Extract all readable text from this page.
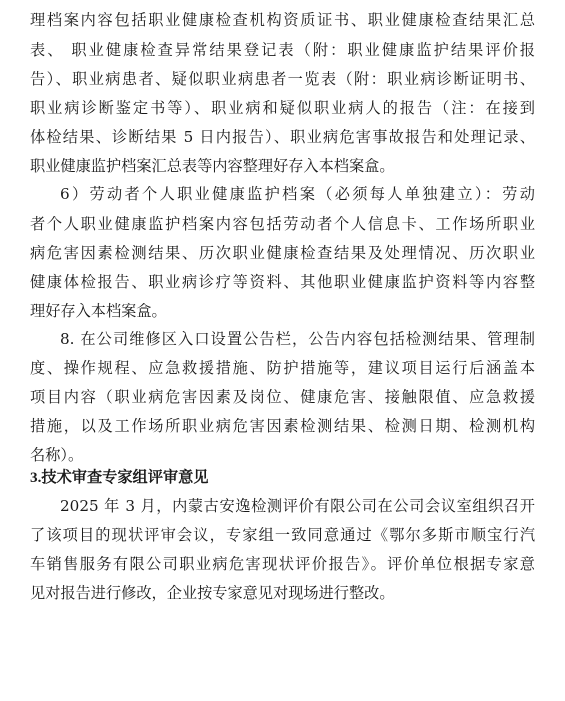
理档案内容包括职业健康检查机构资质证书、职业健康检查结果汇总
表、 职业健康检查异常结果登记表（附：职业健康监护结果评价报
告）、职业病患者、疑似职业病患者一览表（附：职业病诊断证明书、
职业病诊断鉴定书等）、职业病和疑似职业病人的报告（注：在接到
体检结果、诊断结果 5 日内报告）、职业病危害事故报告和处理记录、
职业健康监护档案汇总表等内容整理好存入本档案盒。
6）劳动者个人职业健康监护档案（必须每人单独建立）：劳动
者个人职业健康监护档案内容包括劳动者个人信息卡、工作场所职业
病危害因素检测结果、历次职业健康检查结果及处理情况、历次职业
健康体检报告、职业病诊疗等资料、其他职业健康监护资料等内容整
理好存入本档案盒。
8. 在公司维修区入口设置公告栏，公告内容包括检测结果、管理制
度、操作规程、应急救援措施、防护措施等，建议项目运行后涵盖本
项目内容（职业病危害因素及岗位、健康危害、接触限值、应急救援
措施，以及工作场所职业病危害因素检测结果、检测日期、检测机构
名称）。
3.技术审查专家组评审意见
2025 年 3 月，内蒙古安逸检测评价有限公司在公司会议室组织召开
了该项目的现状评审会议，专家组一致同意通过《鄂尔多斯市顺宝行汽
车销售服务有限公司职业病危害现状评价报告》。评价单位根据专家意
见对报告进行修改，企业按专家意见对现场进行整改。
